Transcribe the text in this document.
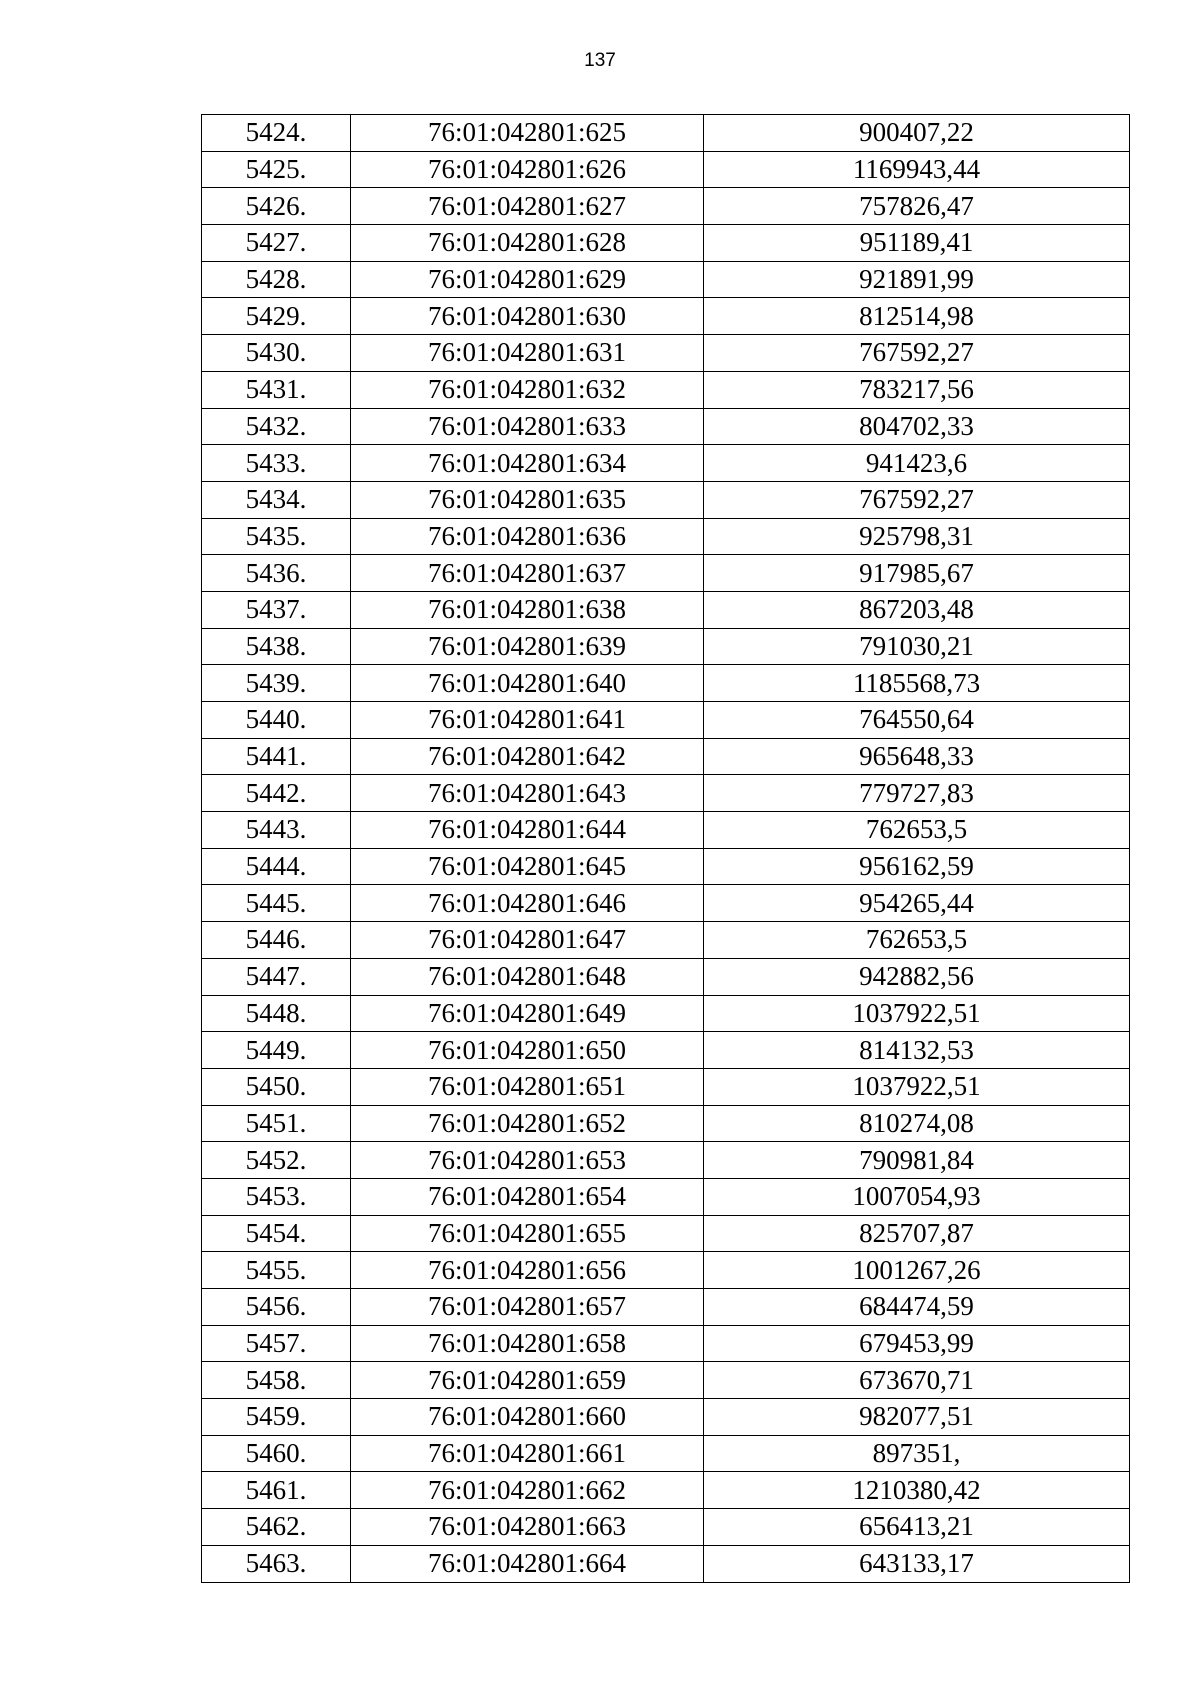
137
5424.	76:01:042801:625	900407,22
5425.	76:01:042801:626	1169943,44
5426.	76:01:042801:627	757826,47
5427.	76:01:042801:628	951189,41
5428.	76:01:042801:629	921891,99
5429.	76:01:042801:630	812514,98
5430.	76:01:042801:631	767592,27
5431.	76:01:042801:632	783217,56
5432.	76:01:042801:633	804702,33
5433.	76:01:042801:634	941423,6
5434.	76:01:042801:635	767592,27
5435.	76:01:042801:636	925798,31
5436.	76:01:042801:637	917985,67
5437.	76:01:042801:638	867203,48
5438.	76:01:042801:639	791030,21
5439.	76:01:042801:640	1185568,73
5440.	76:01:042801:641	764550,64
5441.	76:01:042801:642	965648,33
5442.	76:01:042801:643	779727,83
5443.	76:01:042801:644	762653,5
5444.	76:01:042801:645	956162,59
5445.	76:01:042801:646	954265,44
5446.	76:01:042801:647	762653,5
5447.	76:01:042801:648	942882,56
5448.	76:01:042801:649	1037922,51
5449.	76:01:042801:650	814132,53
5450.	76:01:042801:651	1037922,51
5451.	76:01:042801:652	810274,08
5452.	76:01:042801:653	790981,84
5453.	76:01:042801:654	1007054,93
5454.	76:01:042801:655	825707,87
5455.	76:01:042801:656	1001267,26
5456.	76:01:042801:657	684474,59
5457.	76:01:042801:658	679453,99
5458.	76:01:042801:659	673670,71
5459.	76:01:042801:660	982077,51
5460.	76:01:042801:661	897351,
5461.	76:01:042801:662	1210380,42
5462.	76:01:042801:663	656413,21
5463.	76:01:042801:664	643133,17
